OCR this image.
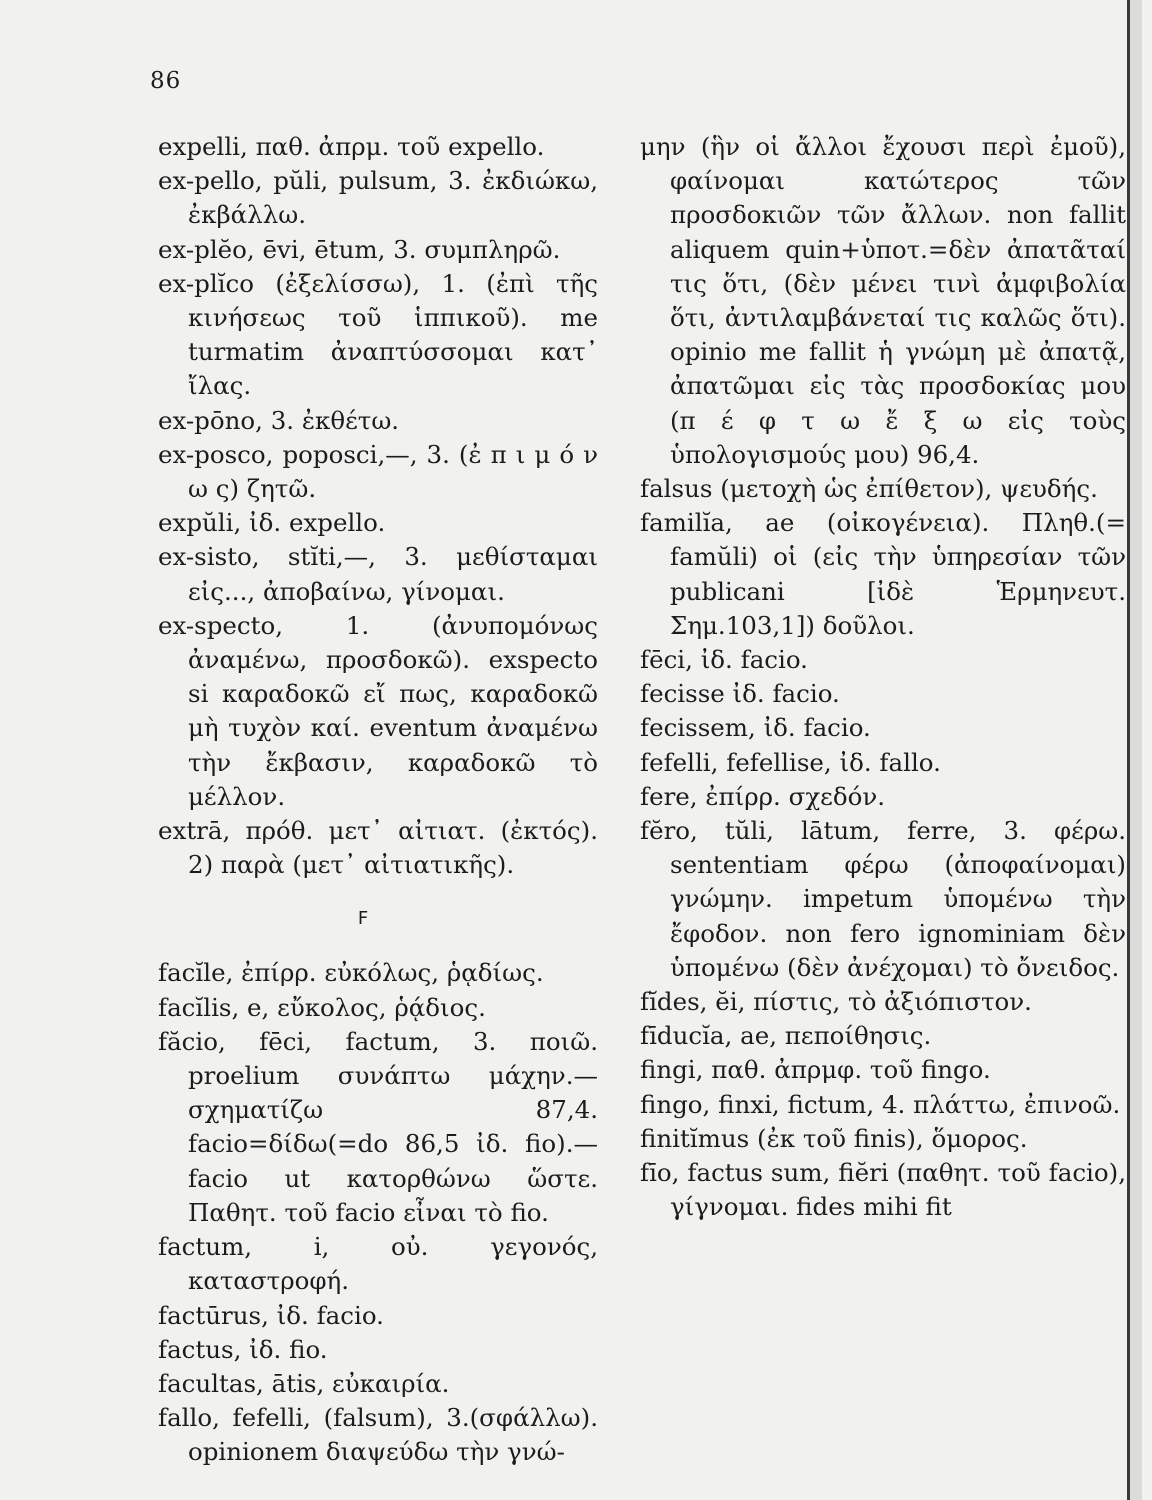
86
expelli, παθ. ἀπρμ. τοῦ expello.
ex-pello, pŭli, pulsum, 3. ἐκδιώκω, ἐκβάλλω.
ex-plĕo, ēvi, ētum, 3. συμπληρῶ.
ex-plĭco (ἐξελίσσω), 1. (ἐπὶ τῆς κινήσεως τοῦ ἱππικοῦ). me turmatim ἀναπτύσσομαι κατ᾽ ἴλας.
ex-pōno, 3. ἐκθέτω.
ex-posco, poposci,—, 3. (ἐ π ι μ ό ν ω ς) ζητῶ.
expŭli, ἰδ. expello.
ex-sisto, stĭti,—, 3. μεθίσταμαι εἰς..., ἀποβαίνω, γίνομαι.
ex-specto, 1. (ἀνυπομόνως ἀναμένω, προσδοκῶ). exspecto si καραδοκῶ εἴ πως, καραδοκῶ μὴ τυχὸν καί. eventum ἀναμένω τὴν ἔκβασιν, καραδοκῶ τὸ μέλλον.
extrā, πρόθ. μετ᾽ αἰτιατ. (ἐκτός). 2) παρὰ (μετ᾽ αἰτιατικῆς).
F
facĭle, ἐπίρρ. εὐκόλως, ῥᾳδίως.
facĭlis, e, εὔκολος, ῥᾴδιος.
făcio, fēci, factum, 3. ποιῶ. proelium συνάπτω μάχην.—σχηματίζω 87,4. facio=δίδω(=do 86,5 ἰδ. fio).—facio ut κατορθώνω ὥστε. Παθητ. τοῦ facio εἶναι τὸ fio.
factum, i, οὐ. γεγονός, καταστροφή.
factūrus, ἰδ. facio.
factus, ἰδ. fio.
facultas, ātis, εὐκαιρία.
fallo, fefelli, (falsum), 3.(σφάλλω). opinionem διαψεύδω τὴν γνώ-
μην (ἣν οἱ ἄλλοι ἔχουσι περὶ ἐμοῦ), φαίνομαι κατώτερος τῶν προσδοκιῶν τῶν ἄλλων. non fallit aliquem quin+ὑποτ.=δὲν ἀπατᾶταί τις ὅτι, (δὲν μένει τινὶ ἀμφιβολία ὅτι, ἀντιλαμβάνεταί τις καλῶς ὅτι). opinio me fallit ἡ γνώμη μὲ ἀπατᾷ, ἀπατῶμαι εἰς τὰς προσδοκίας μου (π έ φ τ ω ἔ ξ ω εἰς τοὺς ὑπολογισμούς μου) 96,4.
falsus (μετοχὴ ὡς ἐπίθετον), ψευδής.
familĭa, ae (οἰκογένεια). Πληθ.(= famŭli) οἱ (εἰς τὴν ὑπηρεσίαν τῶν publicani [ἰδὲ Ἑρμηνευτ. Σημ.103,1]) δοῦλοι.
fēci, ἰδ. facio.
fecisse ἰδ. facio.
fecissem, ἰδ. facio.
fefelli, fefellise, ἰδ. fallo.
fere, ἐπίρρ. σχεδόν.
fĕro, tŭli, lātum, ferre, 3. φέρω. sententiam φέρω (ἀποφαίνομαι) γνώμην. impetum ὑπομένω τὴν ἔφοδον. non fero ignominiam δὲν ὑπομένω (δὲν ἀνέχομαι) τὸ ὄνειδος.
fĭdes, ĕi, πίστις, τὸ ἀξιόπιστον.
fīducĭa, ae, πεποίθησις.
fingi, παθ. ἀπρμφ. τοῦ fingo.
fingo, finxi, fictum, 4. πλάττω, ἐπινοῶ.
finitĭmus (ἐκ τοῦ finis), ὅμορος.
fīo, factus sum, fiĕri (παθητ. τοῦ facio), γίγνομαι. fides mihi fit
